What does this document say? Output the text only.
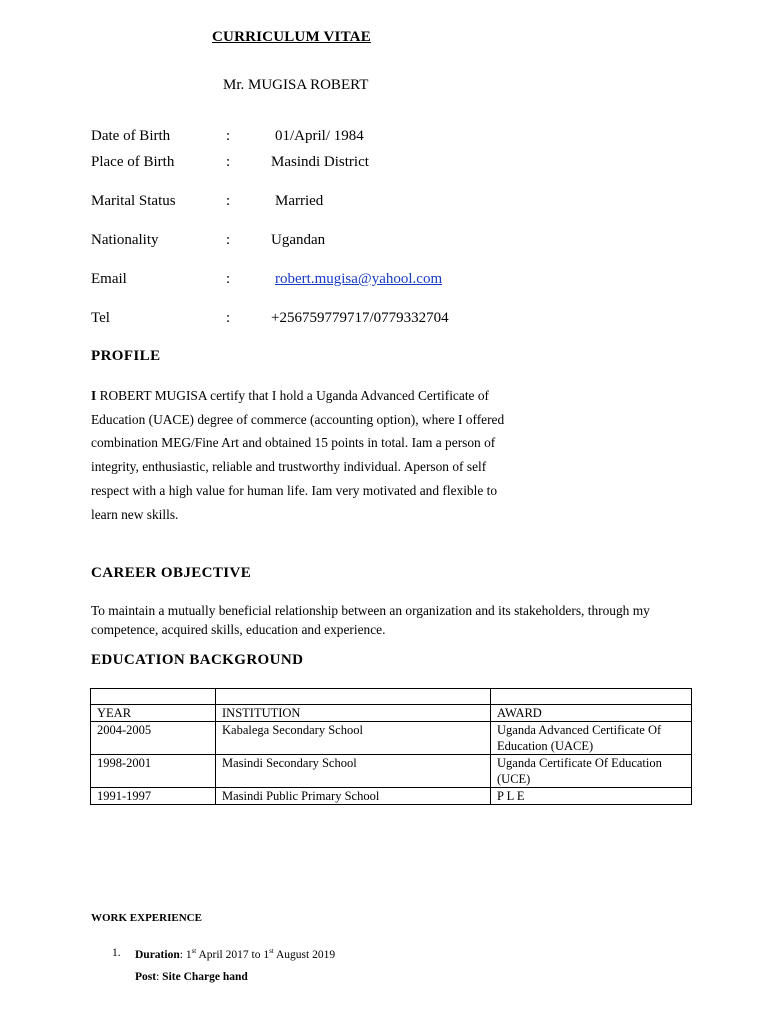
CURRICULUM VITAE
Mr. MUGISA ROBERT
Date of Birth	:	01/April/ 1984
Place of Birth	:	Masindi District
Marital Status	:	Married
Nationality	:	Ugandan
Email	:	robert.mugisa@yahool.com
Tel	:	+256759779717/0779332704
PROFILE
I ROBERT MUGISA certify that I hold a Uganda Advanced Certificate of Education (UACE) degree of commerce (accounting option), where I offered combination MEG/Fine Art and obtained 15 points in total. Iam a person of integrity, enthusiastic, reliable and trustworthy individual. Aperson of self respect with a high value for human life. Iam very motivated and flexible to learn new skills.
CAREER OBJECTIVE
To maintain a mutually beneficial relationship between an organization and its stakeholders, through my competence, acquired skills, education and experience.
EDUCATION BACKGROUND

YEAR	INSTITUTION	AWARD
2004-2005	Kabalega Secondary School	Uganda Advanced Certificate Of Education (UACE)
1998-2001	Masindi Secondary School	Uganda Certificate Of Education (UCE)
1991-1997	Masindi Public Primary School	P L E
WORK EXPERIENCE
1. Duration: 1st April 2017 to 1st August 2019
Post: Site Charge hand
